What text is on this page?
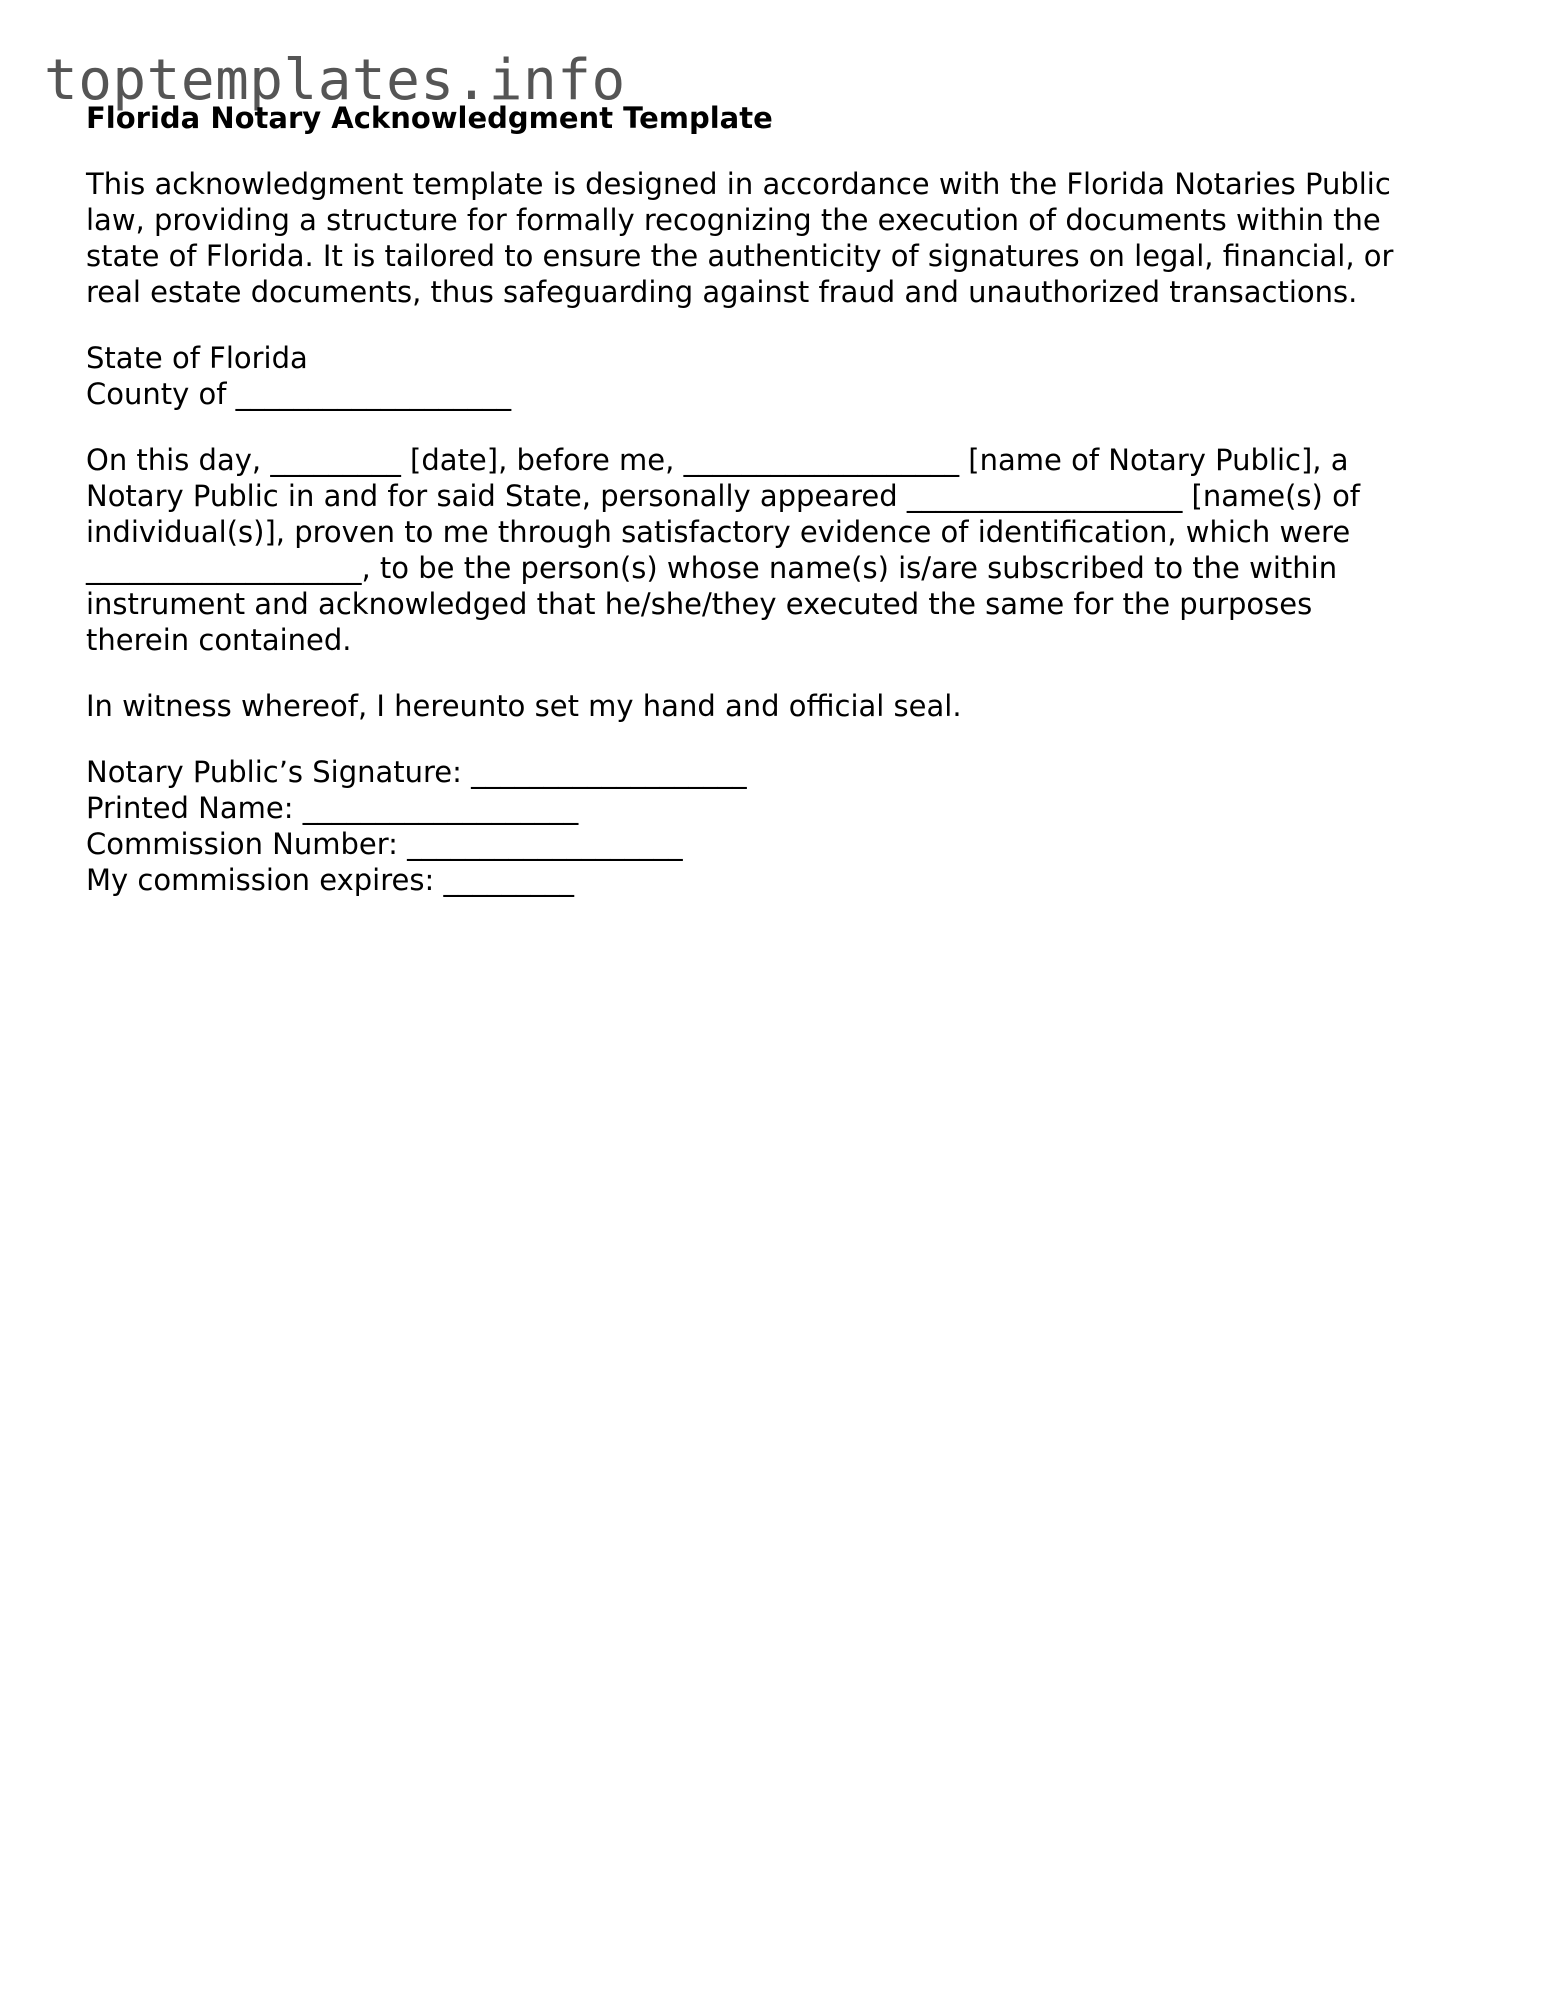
toptemplates.info
Florida Notary Acknowledgment Template

This acknowledgment template is designed in accordance with the Florida Notaries Public
law, providing a structure for formally recognizing the execution of documents within the
state of Florida. It is tailored to ensure the authenticity of signatures on legal, financial, or
real estate documents, thus safeguarding against fraud and unauthorized transactions.

State of Florida
County of ___________________

On this day, _________ [date], before me, ___________________ [name of Notary Public], a
Notary Public in and for said State, personally appeared ___________________ [name(s) of
individual(s)], proven to me through satisfactory evidence of identification, which were
___________________, to be the person(s) whose name(s) is/are subscribed to the within
instrument and acknowledged that he/she/they executed the same for the purposes
therein contained.

In witness whereof, I hereunto set my hand and official seal.

Notary Public’s Signature: ___________________
Printed Name: ___________________
Commission Number: ___________________
My commission expires: _________
